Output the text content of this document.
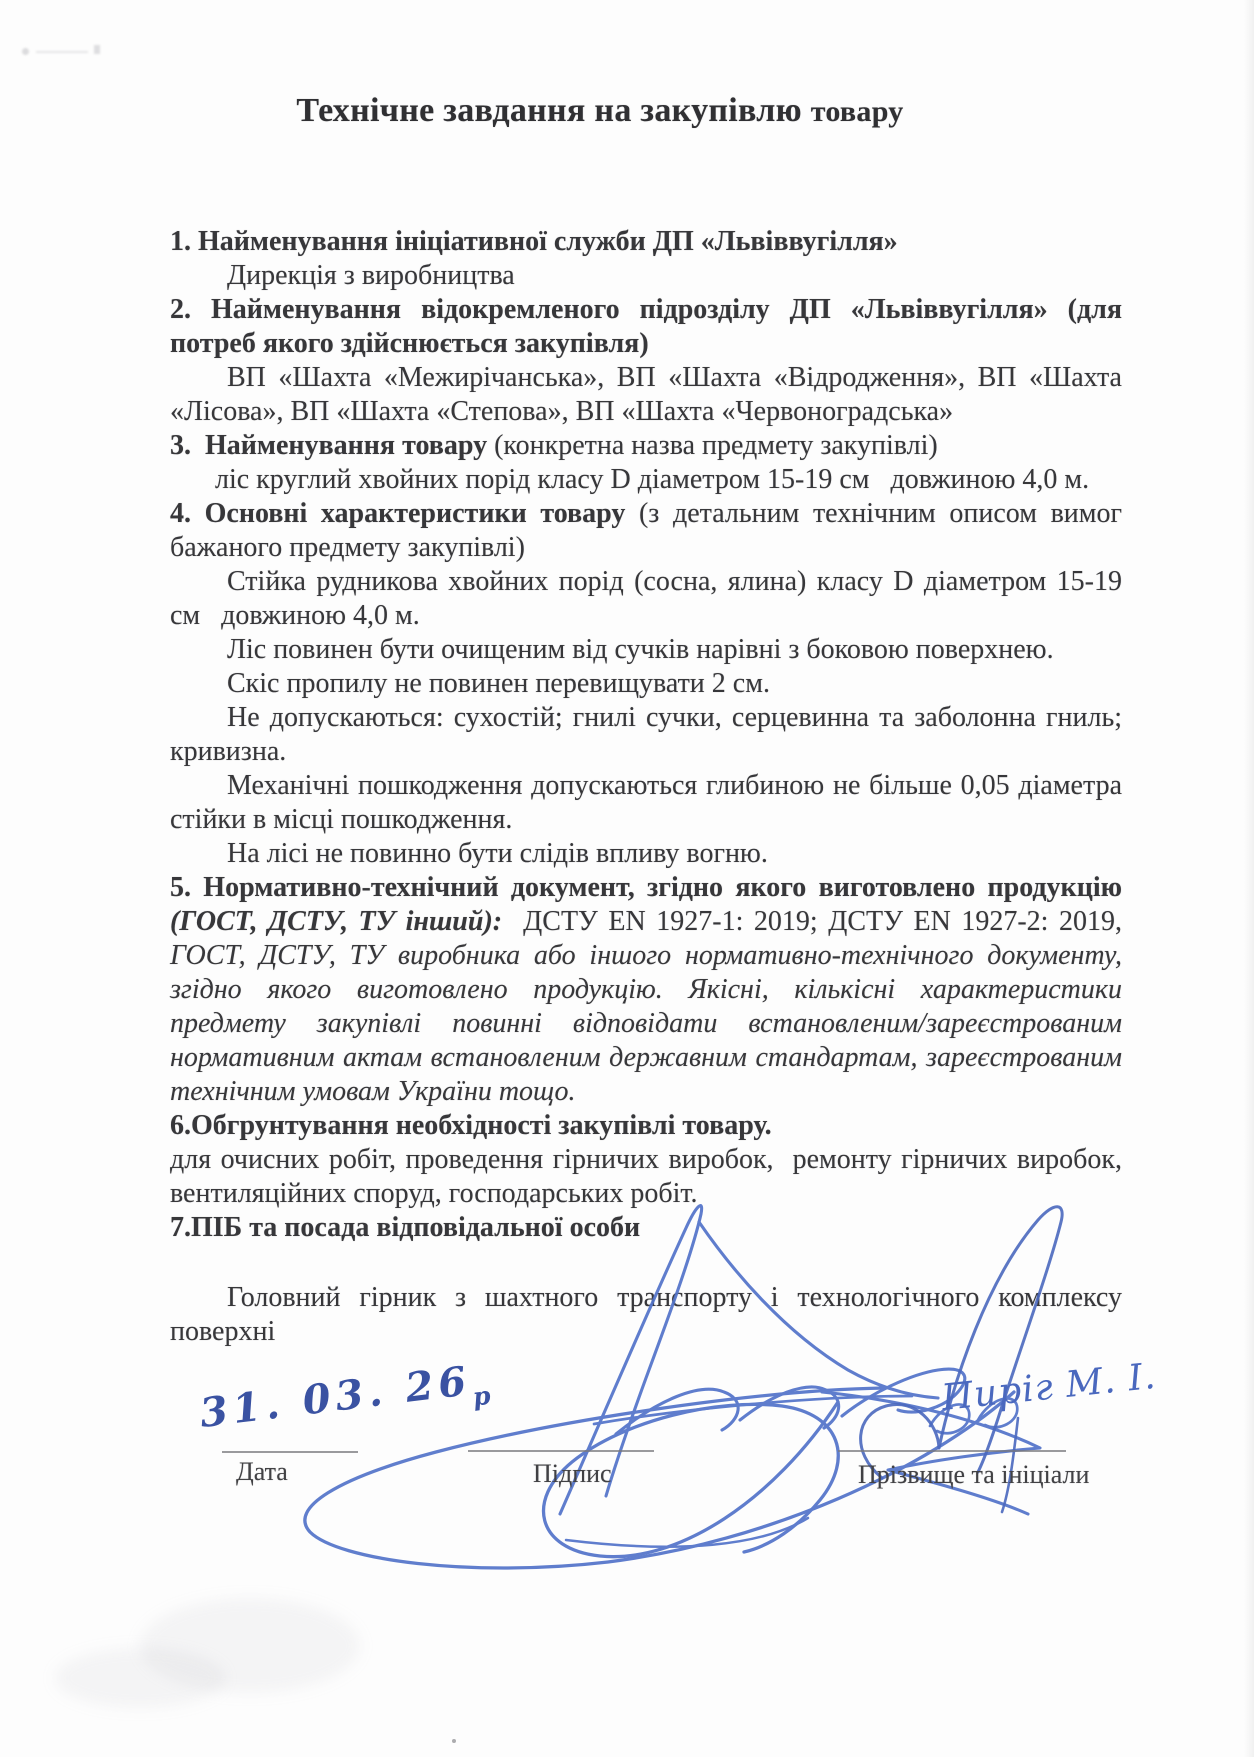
Технічне завдання на закупівлю товару

1. Найменування ініціативної служби ДП «Львіввугілля»

Дирекція з виробництва

2. Найменування відокремленого підрозділу ДП «Львіввугілля» (для потреб якого здійснюється закупівля)

ВП «Шахта «Межирічанська», ВП «Шахта «Відродження», ВП «Шахта «Лісова», ВП «Шахта «Степова», ВП «Шахта «Червоноградська»

3.  Найменування товару (конкретна назва предмету закупівлі)

ліс круглий хвойних порід класу D діаметром 15-19 см   довжиною 4,0 м.

4. Основні характеристики товару (з детальним технічним описом вимог бажаного предмету закупівлі)

Стійка рудникова хвойних порід (сосна, ялина) класу D діаметром 15-19 см   довжиною 4,0 м.

Ліс повинен бути очищеним від сучків нарівні з боковою поверхнею.

Скіс пропилу не повинен перевищувати 2 см.

Не допускаються: сухостій; гнилі сучки, серцевинна та заболонна гниль; кривизна.

Механічні пошкодження допускаються глибиною не більше 0,05 діаметра стійки в місці пошкодження.

На лісі не повинно бути слідів впливу вогню.

5. Нормативно-технічний документ, згідно якого виготовлено продукцію (ГОСТ, ДСТУ, ТУ інший):  ДСТУ EN 1927-1: 2019; ДСТУ EN 1927-2: 2019, ГОСТ, ДСТУ, ТУ виробника або іншого нормативно-технічного документу, згідно якого виготовлено продукцію. Якісні, кількісні характеристики предмету закупівлі повинні відповідати встановленим/зареєстрованим нормативним актам встановленим державним стандартам, зареєстрованим технічним умовам України тощо.

6.Обгрунтування необхідності закупівлі товару.

для очисних робіт, проведення гірничих виробок,  ремонту гірничих виробок, вентиляційних споруд, господарських робіт.

7.ПІБ та посада відповідальної особи

Головний гірник з шахтного транспорту і технологічного комплексу поверхні

31. 03. $26_р$	Пиріг М. І.
Дата	Підпис	Прізвище та ініціали
